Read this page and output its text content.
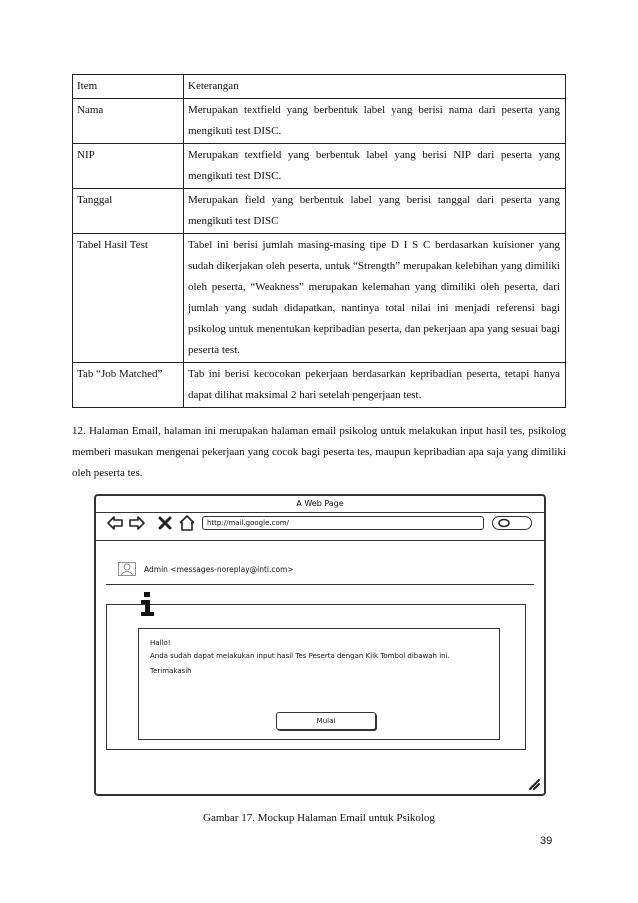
Item	Keterangan
Nama	Merupakan textfield yang berbentuk label yang berisi nama dari peserta yang mengikuti test DISC.
NIP	Merupakan textfield yang berbentuk label yang berisi NIP dari peserta yang mengikuti test DISC.
Tanggal	Merupakan field yang berbentuk label yang berisi tanggal dari peserta yang mengikuti test DISC
Tabel Hasil Test	Tabel ini berisi jumlah masing-masing tipe D I S C berdasarkan kuisioner yang sudah dikerjakan oleh peserta, untuk “Strength” merupakan kelebihan yang dimiliki oleh peserta, “Weakness” merupakan kelemahan yang dimiliki oleh peserta, dari jumlah yang sudah didapatkan, nantinya total nilai ini menjadi referensi bagi psikolog untuk menentukan kepribadian peserta, dan pekerjaan apa yang sesuai bagi peserta test.
Tab “Job Matched”	Tab ini berisi kecocokan pekerjaan berdasarkan kepribadian peserta, tetapi hanya dapat dilihat maksimal 2 hari setelah pengerjaan test.
12. Halaman Email, halaman ini merupakan halaman email psikolog untuk melakukan input hasil tes, psikolog memberi masukan mengenai pekerjaan yang cocok bagi peserta tes, maupun kepribadian apa saja yang dimiliki oleh peserta tes.
A Web Page
http://mail.google.com/
Admin <messages-noreplay@inti.com>
Hallo!
Anda sudah dapat melakukan input hasil Tes Peserta dengan Klik Tombol dibawah ini.
Terimakasih
Mulai
Gambar 17. Mockup Halaman Email untuk Psikolog
39
